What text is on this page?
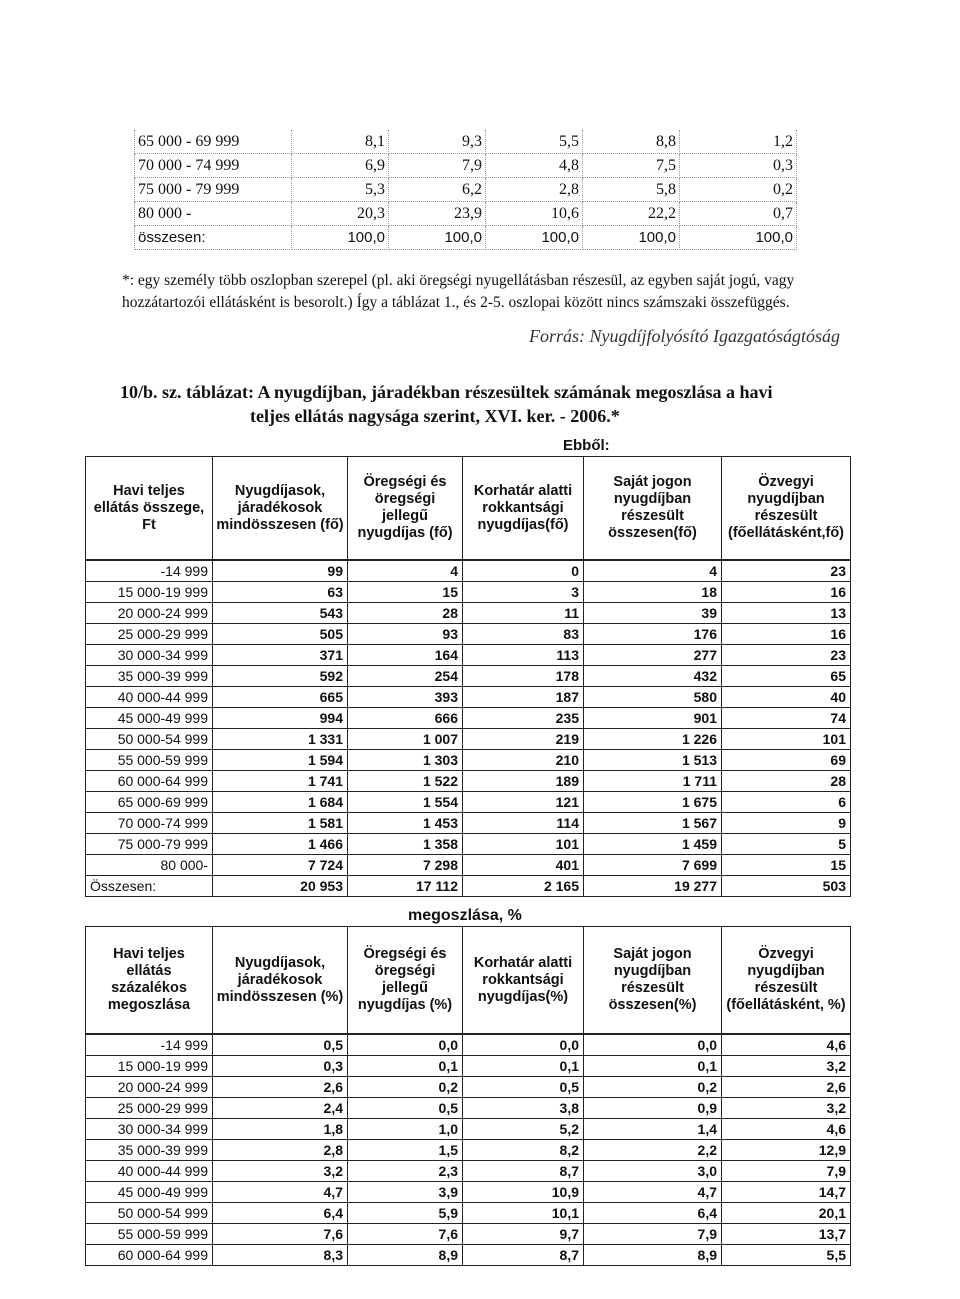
65 000 - 69 999	8,1	9,3	5,5	8,8	1,2
70 000 - 74 999	6,9	7,9	4,8	7,5	0,3
75 000 - 79 999	5,3	6,2	2,8	5,8	0,2
80 000 -	20,3	23,9	10,6	22,2	0,7
összesen:	100,0	100,0	100,0	100,0	100,0
*: egy személy több oszlopban szerepel (pl. aki öregségi nyugellátásban részesül, az egyben saját jogú, vagy
hozzátartozói ellátásként is besorolt.) Így a táblázat 1., és 2-5. oszlopai között nincs számszaki összefüggés.
Forrás: Nyugdíjfolyósító Igazgatóságtóság
10/b. sz. táblázat: A nyugdíjban, járadékban részesültek számának megoszlása a havi
teljes ellátás nagysága szerint, XVI. ker. - 2006.*
Ebből:
Havi teljes ellátás összege, Ft	Nyugdíjasok, járadékosok mindösszesen (fő)	Öregségi és öregségi jellegű nyugdíjas (fő)	Korhatár alatti rokkantsági nyugdíjas(fő)	Saját jogon nyugdíjban részesült összesen(fő)	Özvegyi nyugdíjban részesült (főellátásként,fő)
-14 999	99	4	0	4	23
15 000-19 999	63	15	3	18	16
20 000-24 999	543	28	11	39	13
25 000-29 999	505	93	83	176	16
30 000-34 999	371	164	113	277	23
35 000-39 999	592	254	178	432	65
40 000-44 999	665	393	187	580	40
45 000-49 999	994	666	235	901	74
50 000-54 999	1 331	1 007	219	1 226	101
55 000-59 999	1 594	1 303	210	1 513	69
60 000-64 999	1 741	1 522	189	1 711	28
65 000-69 999	1 684	1 554	121	1 675	6
70 000-74 999	1 581	1 453	114	1 567	9
75 000-79 999	1 466	1 358	101	1 459	5
80 000-	7 724	7 298	401	7 699	15
Összesen:	20 953	17 112	2 165	19 277	503
megoszlása, %
Havi teljes ellátás százalékos megoszlása	Nyugdíjasok, járadékosok mindösszesen (%)	Öregségi és öregségi jellegű nyugdíjas (%)	Korhatár alatti rokkantsági nyugdíjas(%)	Saját jogon nyugdíjban részesült összesen(%)	Özvegyi nyugdíjban részesült (főellátásként, %)
-14 999	0,5	0,0	0,0	0,0	4,6
15 000-19 999	0,3	0,1	0,1	0,1	3,2
20 000-24 999	2,6	0,2	0,5	0,2	2,6
25 000-29 999	2,4	0,5	3,8	0,9	3,2
30 000-34 999	1,8	1,0	5,2	1,4	4,6
35 000-39 999	2,8	1,5	8,2	2,2	12,9
40 000-44 999	3,2	2,3	8,7	3,0	7,9
45 000-49 999	4,7	3,9	10,9	4,7	14,7
50 000-54 999	6,4	5,9	10,1	6,4	20,1
55 000-59 999	7,6	7,6	9,7	7,9	13,7
60 000-64 999	8,3	8,9	8,7	8,9	5,5
